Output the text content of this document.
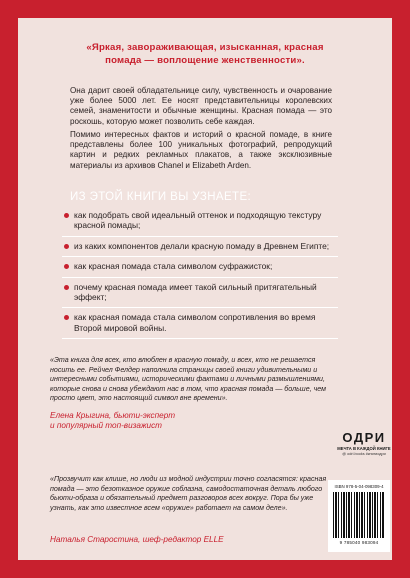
«Яркая, завораживающая, изысканная, красная помада — воплощение женственности».

Она дарит своей обладательнице силу, чувственность и очарование уже более 5000 лет. Ее носят представительницы королевских семей, знаменитости и обычные женщины. Красная помада — это роскошь, которую может позволить себе каждая.

Помимо интересных фактов и историй о красной помаде, в книге представлены более 100 уникальных фотографий, репродукций картин и редких рекламных плакатов, а также эксклюзивные материалы из архивов Chanel и Elizabeth Arden.

ИЗ ЭТОЙ КНИГИ ВЫ УЗНАЕТЕ:
как подобрать свой идеальный оттенок и подходящую текстуру красной помады;
из каких компонентов делали красную помаду в Древнем Египте;
как красная помада стала символом суфражисток;
почему красная помада имеет такой сильный притягательный эффект;
как красная помада стала символом сопротивления во время Второй мировой войны.

«Эта книга для всех, кто влюблен в красную помаду, и всех, кто не решается носить ее. Рейчел Фелдер наполнила страницы своей книги удивительными и интересными событиями, историческими фактами и личными размышлениями, которые снова и снова убеждают нас в том, что красная помада — больше, чем просто цвет, это настоящий символ вне времени».

Елена Крыгина, бьюти-эксперт
и популярный топ-визажист
ОДРИ
МЕЧТА В КАЖДОЙ КНИГЕ
@ odri.books #книгиодри

«Прозвучит как клише, но люди из модной индустрии точно согласятся: красная помада — это безотказное оружие соблазна, самодостаточная деталь любого бьюти-образа и обязательный предмет разговоров всех вокруг. Пора бы уже узнать, как это известное всем «оружие» работает на самом деле».

Наталья Старостина, шеф-редактор ELLE
ISBN 978-5-04-098309-4
9 785040 983094
